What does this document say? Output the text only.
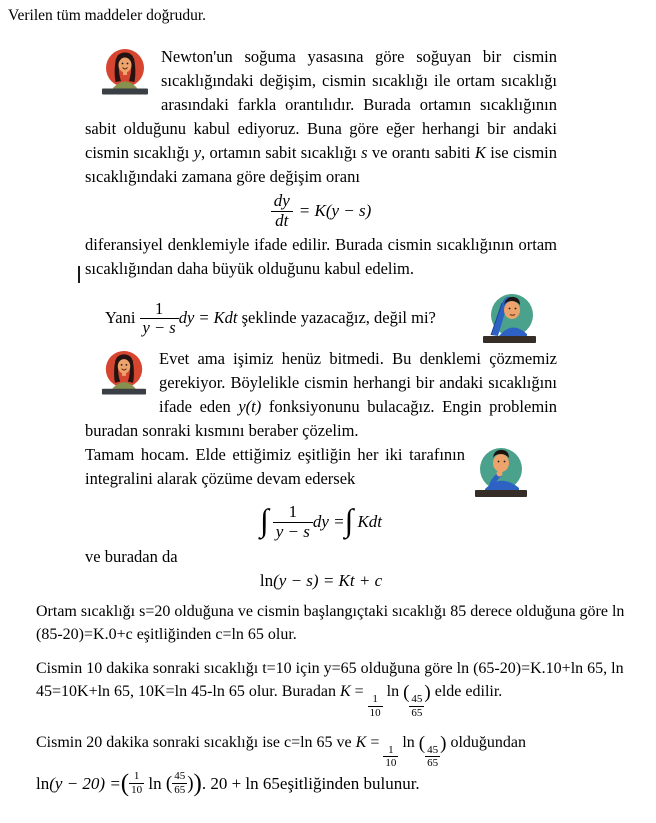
Verilen tüm maddeler doğrudur.

Newton'un soğuma yasasına göre soğuyan bir cismin sıcaklığındaki değişim, cismin sıcaklığı ile ortam sıcaklığı arasındaki farkla orantılıdır. Burada ortamın sıcaklığının sabit olduğunu kabul ediyoruz. Buna göre eğer herhangi bir andaki cismin sıcaklığı y, ortamın sabit sıcaklığı s ve orantı sabiti K ise cismin sıcaklığındaki zamana göre değişim oranı

$\frac{dy}{dt} = K(y - s)$

diferansiyel denklemiyle ifade edilir. Burada cismin sıcaklığının ortam sıcaklığından daha büyük olduğunu kabul edelim.

Yani
$\frac{1}{y - s}$ dy = Kdt
şeklinde yazacağız, değil mi?

Evet ama işimiz henüz bitmedi. Bu denklemi çözmemiz gerekiyor. Böylelikle cismin herhangi bir andaki sıcaklığını ifade eden y(t) fonksiyonunu bulacağız. Engin problemin buradan sonraki kısmını beraber çözelim.

Tamam hocam. Elde ettiğimiz eşitliğin her iki tarafının integralini alarak çözüme devam edersek

∫ $\frac{1}{y - s}$ dy = ∫ Kdt

ve buradan da

ln (y − s) = Kt + c

Ortam sıcaklığı s=20 olduğuna ve cismin başlangıçtaki sıcaklığı 85 derece olduğuna göre ln (85-20)=K.0+c eşitliğinden c=ln 65 olur.

Cismin 10 dakika sonraki sıcaklığı t=10 için y=65 olduğuna göre ln (65-20)=K.10+ln 65, ln 45=10K+ln 65, 10K=ln 45-ln 65 olur. Buradan K =
$\frac{1}{10}$
ln (
$\frac{45}{65}$
) elde edilir.

Cismin 20 dakika sonraki sıcaklığı ise c=ln 65 ve K =
$\frac{1}{10}$
ln (
$\frac{45}{65}$
) olduğundan

ln (y − 20) = ( 1
10
ln
( 45
65 ) ) . 20 + ln 65 eşitliğinden bulunur.
